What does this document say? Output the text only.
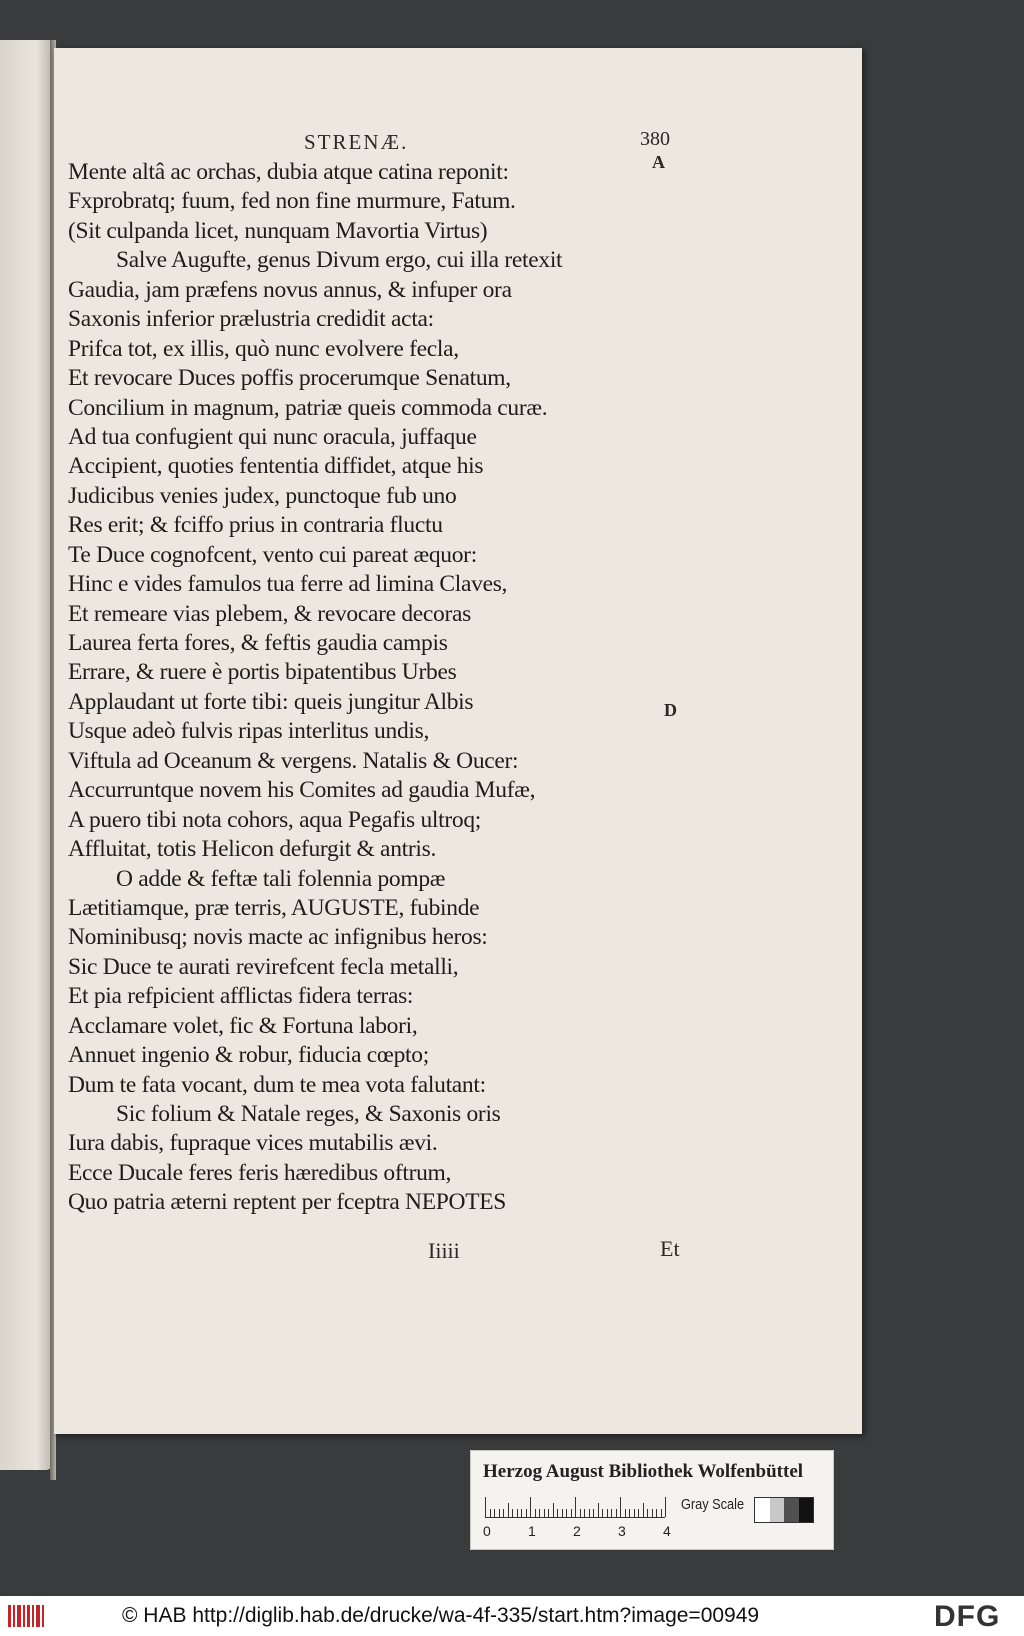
STRENÆ.	380
A
D
Mente altâ ac orchas, dubia atque catina reponit:
Fxprobratq; fuum, fed non fine murmure, Fatum.
(Sit culpanda licet, nunquam Mavortia Virtus)
Salve Augufte, genus Divum ergo, cui illa retexit
Gaudia, jam præfens novus annus, & infuper ora
Saxonis inferior prælustria credidit acta:
Prifca tot, ex illis, quò nunc evolvere fecla,
Et revocare Duces poffis procerumque Senatum,
Concilium in magnum, patriæ queis commoda curæ.
Ad tua confugient qui nunc oracula, juffaque
Accipient, quoties fententia diffidet, atque his
Judicibus venies judex, punctoque fub uno
Res erit; & fciffo prius in contraria fluctu
Te Duce cognofcent, vento cui pareat æquor:
Hinc e vides famulos tua ferre ad limina Claves,
Et remeare vias plebem, & revocare decoras
Laurea ferta fores, & feftis gaudia campis
Errare, & ruere è portis bipatentibus Urbes
Applaudant ut forte tibi: queis jungitur Albis
Usque adeò fulvis ripas interlitus undis,
Viftula ad Oceanum & vergens. Natalis & Oucer:
Accurruntque novem his Comites ad gaudia Mufæ,
A puero tibi nota cohors, aqua Pegafis ultroq;
Affluitat, totis Helicon defurgit & antris.
O adde & feftæ tali folennia pompæ
Lætitiamque, præ terris, AUGUSTE, fubinde
Nominibusq; novis macte ac infignibus heros:
Sic Duce te aurati revirefcent fecla metalli,
Et pia refpicient afflictas fidera terras:
Acclamare volet, fic & Fortuna labori,
Annuet ingenio & robur, fiducia cœpto;
Dum te fata vocant, dum te mea vota falutant:
Sic folium & Natale reges, & Saxonis oris
Iura dabis, fupraque vices mutabilis ævi.
Ecce Ducale feres feris hæredibus oftrum,
Quo patria æterni reptent per fceptra NEPOTES
Iiiii	Et
Herzog August Bibliothek Wolfenbüttel
0	1	2	3	4
Gray Scale
© HAB http://diglib.hab.de/drucke/wa-4f-335/start.htm?image=00949	DFG
